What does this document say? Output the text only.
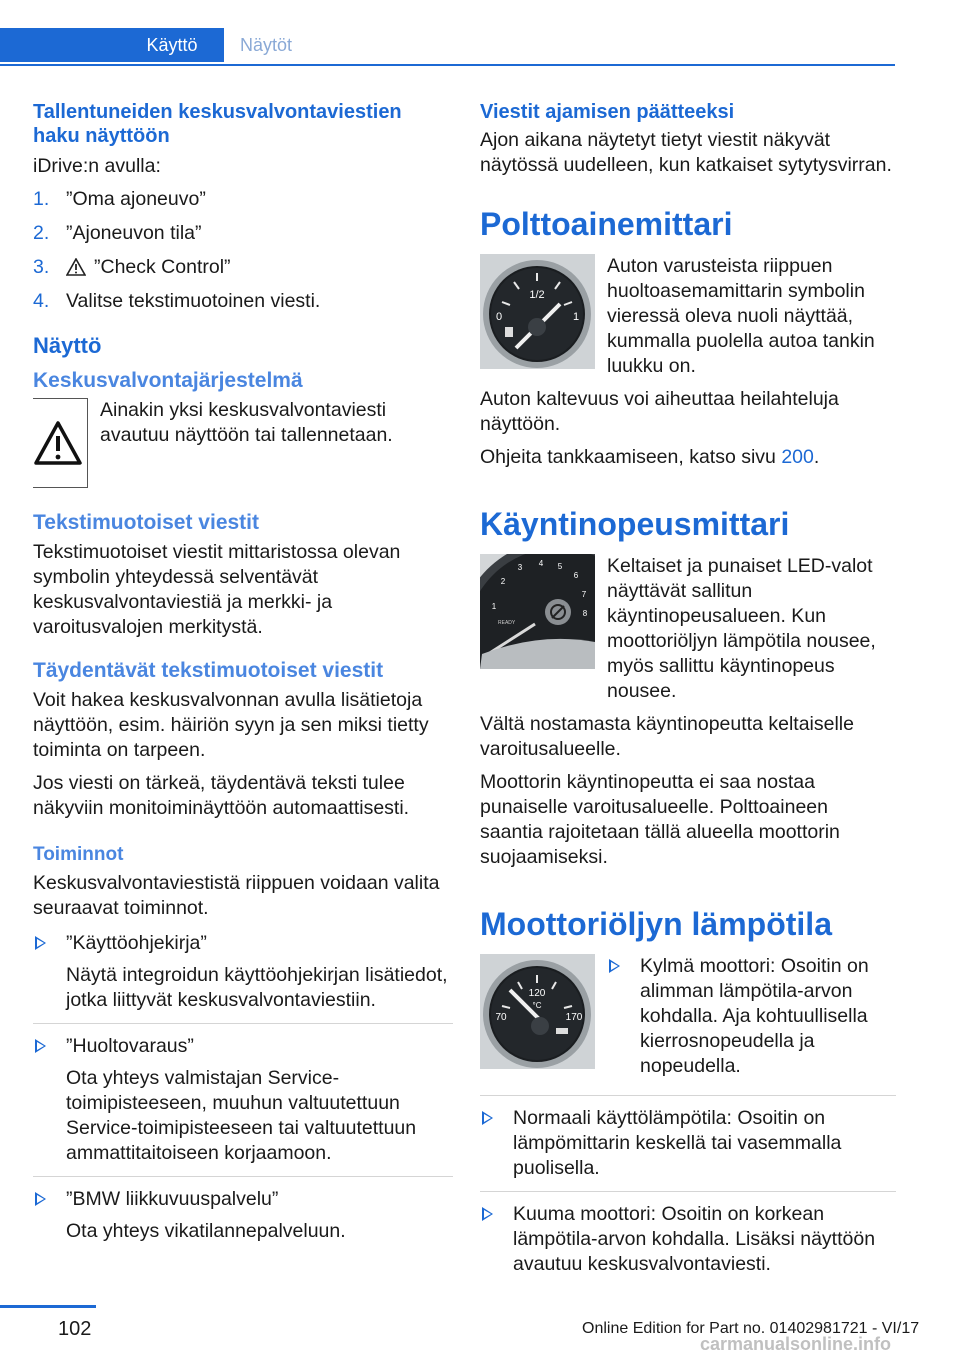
Käyttö	Näytöt
Tallentuneiden keskusvalvontaviestien haku näyttöön

iDrive:n avulla:

1. ”Oma ajoneuvo”
2. ”Ajoneuvon tila”
3. ”Check Control”
4. Valitse tekstimuotoinen viesti.
Näyttö
Keskusvalvontajärjestelmä
Ainakin yksi keskusvalvontaviesti avautuu näyttöön tai tallennetaan.
Tekstimuotoiset viestit

Tekstimuotoiset viestit mittaristossa olevan symbolin yhteydessä selventävät keskusvalvontaviestiä ja merkki- ja varoitusvalojen merkitystä.

Täydentävät tekstimuotoiset viestit

Voit hakea keskusvalvonnan avulla lisätietoja näyttöön, esim. häiriön syyn ja sen miksi tietty toiminta on tarpeen.

Jos viesti on tärkeä, täydentävä teksti tulee näkyviin monitoiminäyttöön automaattisesti.

Toiminnot

Keskusvalvontaviestistä riippuen voidaan valita seuraavat toiminnot.

”Käyttöohjekirja”
Näytä integroidun käyttöohjekirjan lisätiedot, jotka liittyvät keskusvalvontaviestiin.
”Huoltovaraus”
Ota yhteys valmistajan Service-toimipisteeseen, muuhun valtuutettuun Service-toimipisteeseen tai valtuutettuun ammattitaitoiseen korjaamoon.
”BMW liikkuvuuspalvelu”
Ota yhteys vikatilannepalveluun.
Viestit ajamisen päätteeksi

Ajon aikana näytetyt tietyt viestit näkyvät näytössä uudelleen, kun katkaiset sytytysvirran.

Polttoainemittari
1/2
0	1
Auton varusteista riippuen huoltoasemamittarin symbolin vieressä oleva nuoli näyttää, kummalla puolella autoa tankin luukku on.

Auton kaltevuus voi aiheuttaa heilahteluja näyttöön.

Ohjeita tankkaamiseen, katso sivu 200.

Käyntinopeusmittari
1
2
3 4 5
6
7
8
READY
Keltaiset ja punaiset LED-valot näyttävät sallitun käyntinopeusalueen. Kun moottoriöljyn lämpötila nousee, myös sallittu käyntinopeus nousee.

Vältä nostamasta käyntinopeutta keltaiselle varoitusalueelle.

Moottorin käyntinopeutta ei saa nostaa punaiselle varoitusalueelle. Polttoaineen saantia rajoitetaan tällä alueella moottorin suojaamiseksi.

Moottoriöljyn lämpötila
120
°C
70	170
Kylmä moottori: Osoitin on alimman lämpötila-arvon kohdalla. Aja kohtuullisella kierrosnopeudella ja nopeudella.
Normaali käyttölämpötila: Osoitin on lämpömittarin keskellä tai vasemmalla puolisella.
Kuuma moottori: Osoitin on korkean lämpötila-arvon kohdalla. Lisäksi näyttöön avautuu keskusvalvontaviesti.
102	Online Edition for Part no. 01402981721 - VI/17
carmanualsonline.info
